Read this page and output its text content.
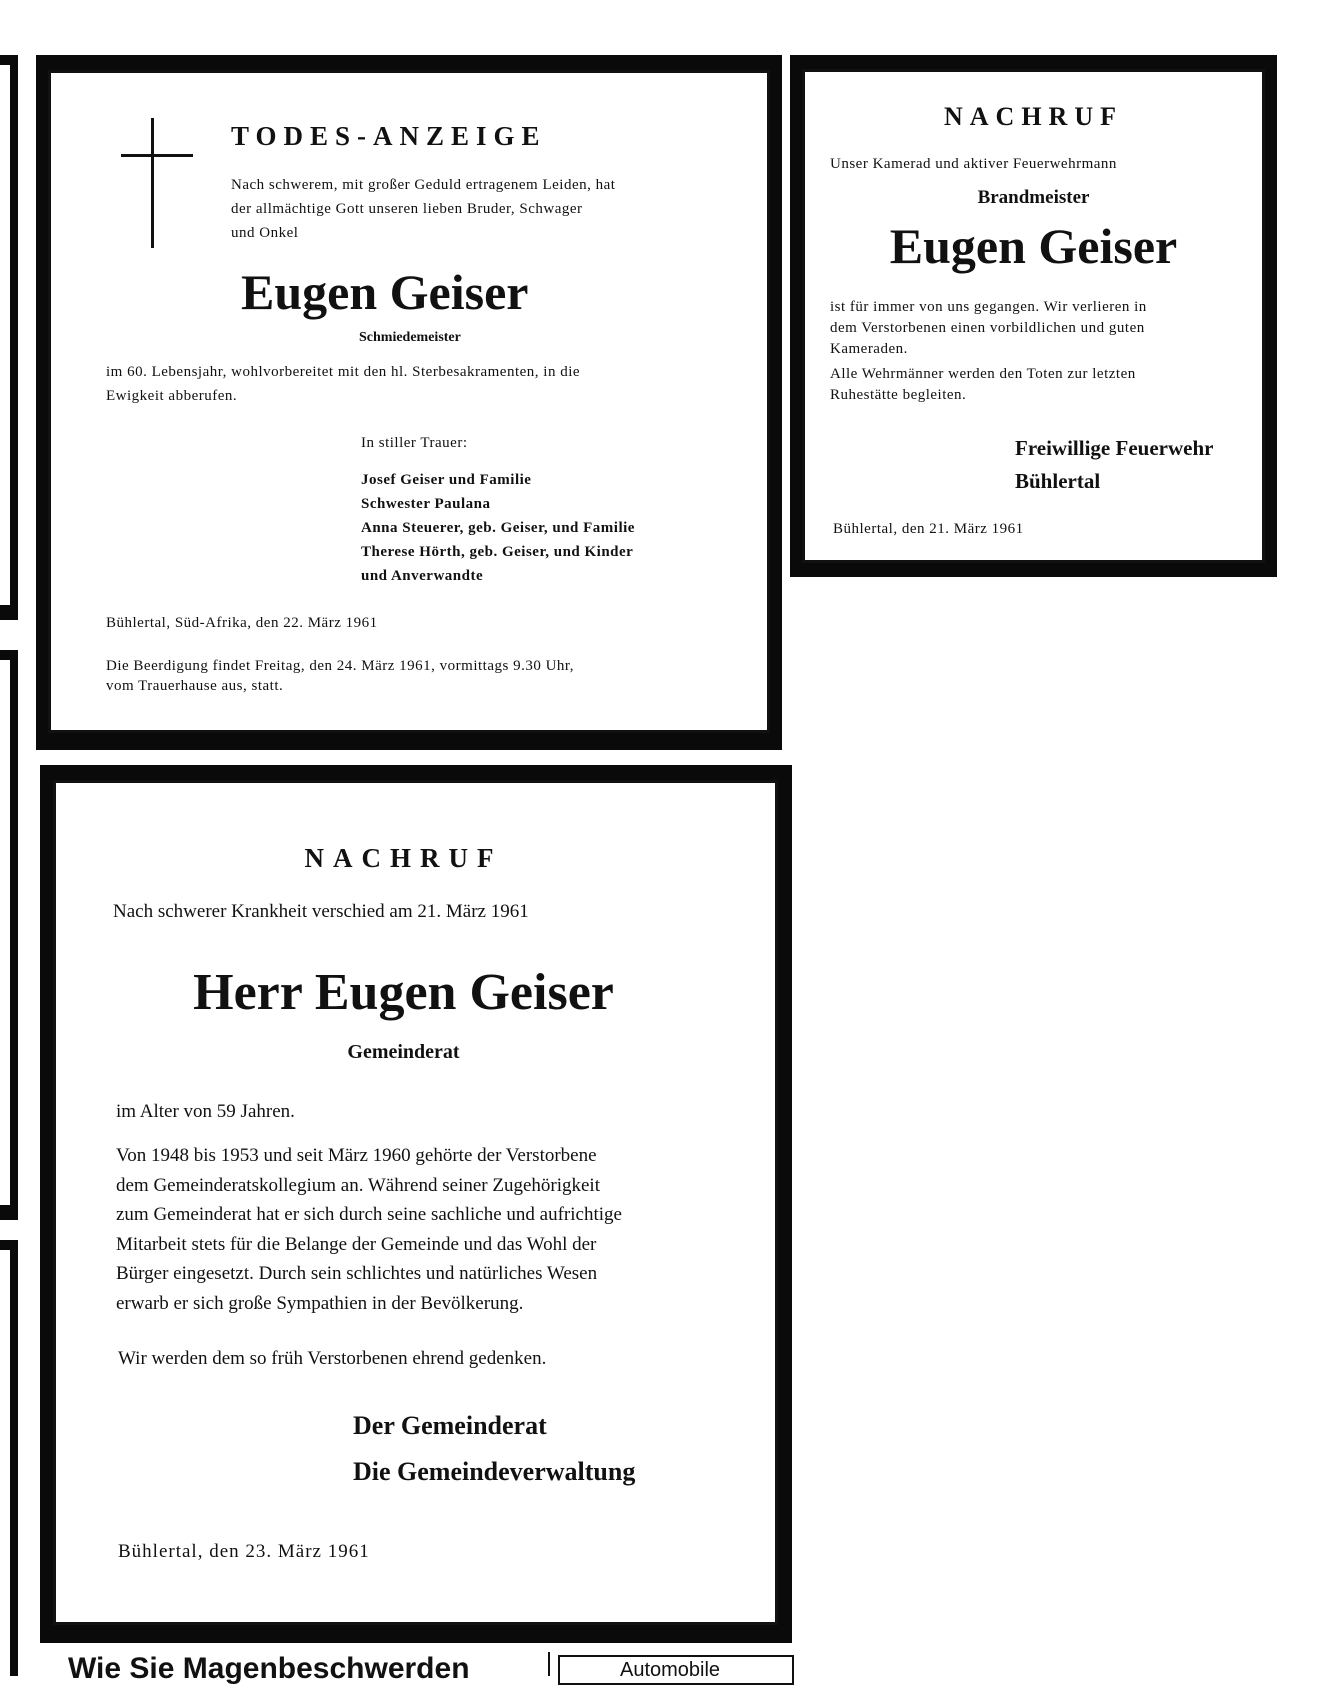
TODES-ANZEIGE
Nach schwerem, mit großer Geduld ertragenem Leiden, hat
der allmächtige Gott unseren lieben Bruder, Schwager
und Onkel
Eugen Geiser
Schmiedemeister
im 60. Lebensjahr, wohlvorbereitet mit den hl. Sterbesakramenten, in die
Ewigkeit abberufen.
In stiller Trauer:
Josef Geiser und Familie
Schwester Paulana
Anna Steuerer, geb. Geiser, und Familie
Therese Hörth, geb. Geiser, und Kinder
und Anverwandte
Bühlertal, Süd-Afrika, den 22. März 1961
Die Beerdigung findet Freitag, den 24. März 1961, vormittags 9.30 Uhr,
vom Trauerhause aus, statt.
NACHRUF
Unser Kamerad und aktiver Feuerwehrmann
Brandmeister
Eugen Geiser
ist für immer von uns gegangen. Wir verlieren in
dem Verstorbenen einen vorbildlichen und guten
Kameraden.
Alle Wehrmänner werden den Toten zur letzten
Ruhestätte begleiten.
Freiwillige Feuerwehr
Bühlertal
Bühlertal, den 21. März 1961
NACHRUF
Nach schwerer Krankheit verschied am 21. März 1961
Herr Eugen Geiser
Gemeinderat
im Alter von 59 Jahren.
Von 1948 bis 1953 und seit März 1960 gehörte der Verstorbene
dem Gemeinderatskollegium an. Während seiner Zugehörigkeit
zum Gemeinderat hat er sich durch seine sachliche und aufrichtige
Mitarbeit stets für die Belange der Gemeinde und das Wohl der
Bürger eingesetzt. Durch sein schlichtes und natürliches Wesen
erwarb er sich große Sympathien in der Bevölkerung.
Wir werden dem so früh Verstorbenen ehrend gedenken.
Der Gemeinderat
Die Gemeindeverwaltung
Bühlertal, den 23. März 1961
Wie Sie Magenbeschwerden	Automobile
